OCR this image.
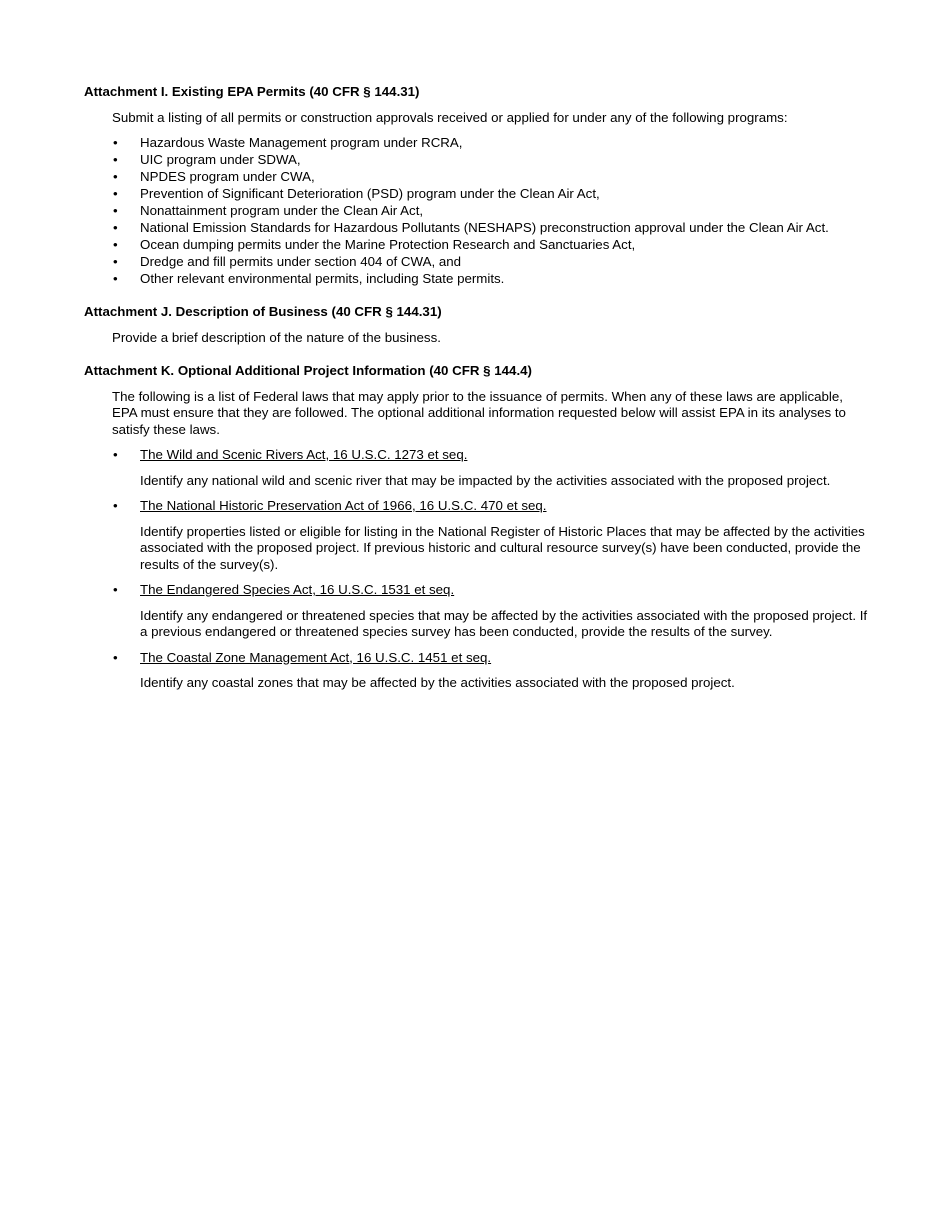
Attachment I. Existing EPA Permits (40 CFR § 144.31)

Submit a listing of all permits or construction approvals received or applied for under any of the following programs:

• Hazardous Waste Management program under RCRA,
• UIC program under SDWA,
• NPDES program under CWA,
• Prevention of Significant Deterioration (PSD) program under the Clean Air Act,
• Nonattainment program under the Clean Air Act,
• National Emission Standards for Hazardous Pollutants (NESHAPS) preconstruction approval under the Clean Air Act.
• Ocean dumping permits under the Marine Protection Research and Sanctuaries Act,
• Dredge and fill permits under section 404 of CWA, and
• Other relevant environmental permits, including State permits.

Attachment J. Description of Business (40 CFR § 144.31)

Provide a brief description of the nature of the business.

Attachment K. Optional Additional Project Information (40 CFR § 144.4)

The following is a list of Federal laws that may apply prior to the issuance of permits. When any of these laws are applicable, EPA must ensure that they are followed. The optional additional information requested below will assist EPA in its analyses to satisfy these laws.

• The Wild and Scenic Rivers Act, 16 U.S.C. 1273 et seq.
Identify any national wild and scenic river that may be impacted by the activities associated with the proposed project.
• The National Historic Preservation Act of 1966, 16 U.S.C. 470 et seq.
Identify properties listed or eligible for listing in the National Register of Historic Places that may be affected by the activities associated with the proposed project. If previous historic and cultural resource survey(s) have been conducted, provide the results of the survey(s).
• The Endangered Species Act, 16 U.S.C. 1531 et seq.
Identify any endangered or threatened species that may be affected by the activities associated with the proposed project. If a previous endangered or threatened species survey has been conducted, provide the results of the survey.
• The Coastal Zone Management Act, 16 U.S.C. 1451 et seq.
Identify any coastal zones that may be affected by the activities associated with the proposed project.
